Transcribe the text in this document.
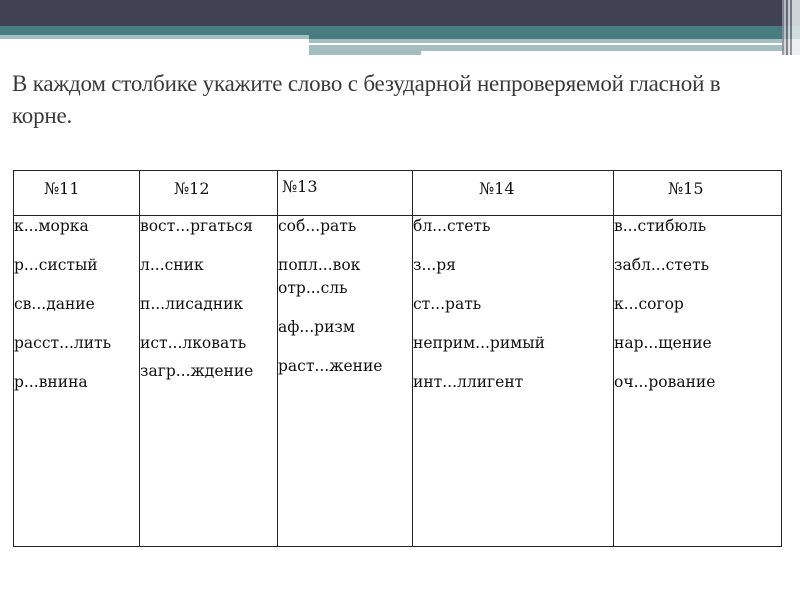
В каждом столбике укажите слово с безударной непроверяемой гласной в корне.
№11	№12	№13	№14	№15

к...морка
р...систый
св...дание
расст...лить
р...внина

вост...ргаться
л...сник
п...лисадник
ист...лковать
загр...ждение

соб...рать
попл...вок
отр...сль
аф...ризм
раст...жение

бл...стеть
з...ря
ст...рать
неприм...римый
инт...ллигент

в...стибюль
забл...стеть
к...согор
нар...щение
оч...рование
